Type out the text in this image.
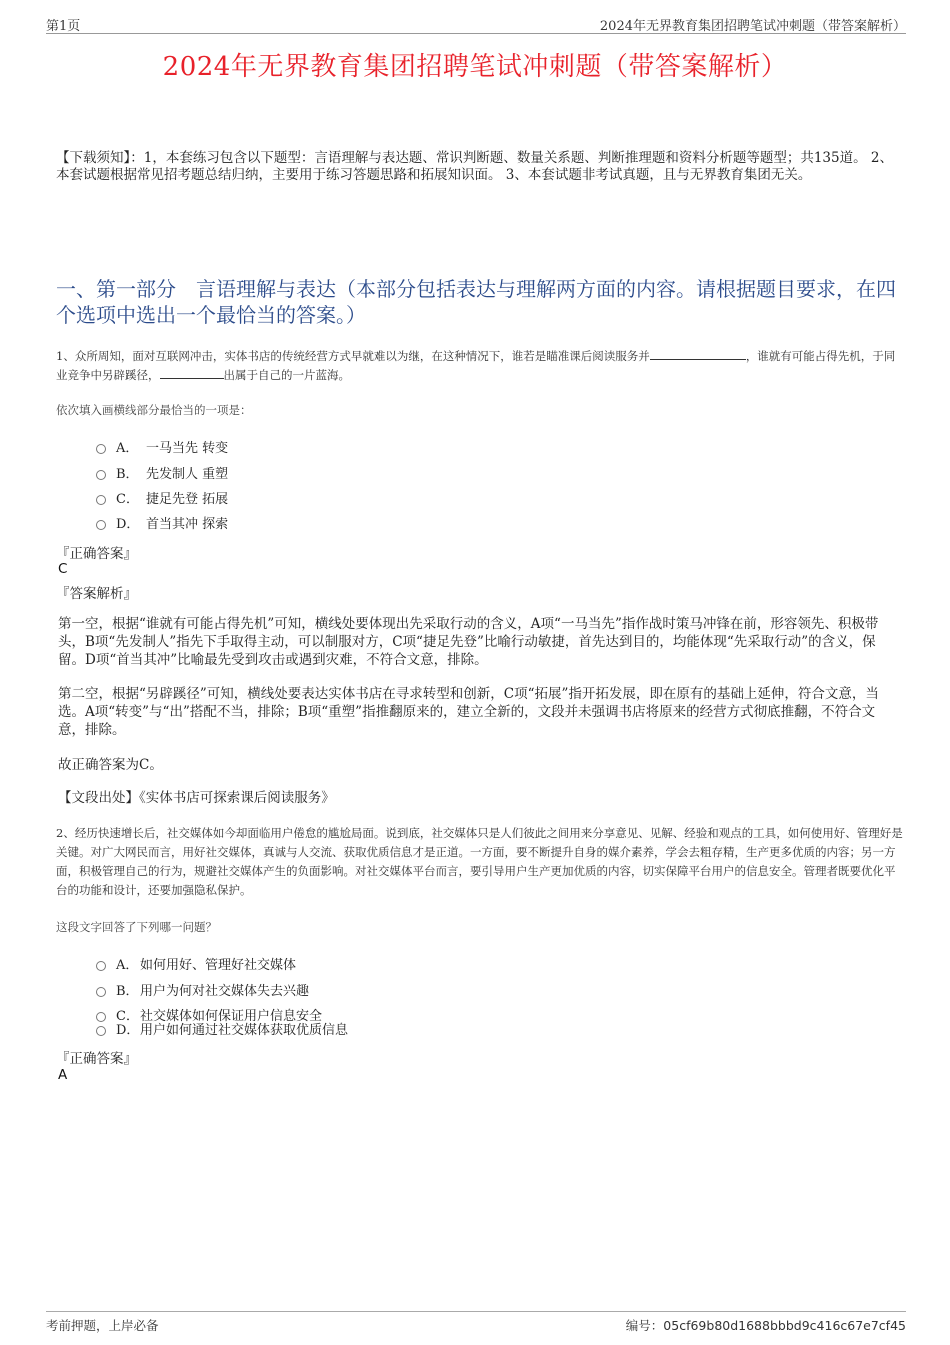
第1页	2024年无界教育集团招聘笔试冲刺题（带答案解析）
2024年无界教育集团招聘笔试冲刺题（带答案解析）
【下载须知】：1，本套练习包含以下题型：言语理解与表达题、常识判断题、数量关系题、判断推理题和资料分析题等题型；共135道。 2、本套试题根据常见招考题总结归纳，主要用于练习答题思路和拓展知识面。 3、本套试题非考试真题，且与无界教育集团无关。
一、第一部分　言语理解与表达（本部分包括表达与理解两方面的内容。请根据题目要求，在四个选项中选出一个最恰当的答案。）
1、众所周知，面对互联网冲击，实体书店的传统经营方式早就难以为继，在这种情况下，谁若是瞄准课后阅读服务并	，谁就有可能占得先机，于同业竞争中另辟蹊径，	出属于自己的一片蓝海。
依次填入画横线部分最恰当的一项是：
A． 一马当先 转变
B． 先发制人 重塑
C． 捷足先登 拓展
D． 首当其冲 探索
『正确答案』
C
『答案解析』
第一空，根据“谁就有可能占得先机”可知，横线处要体现出先采取行动的含义，A项“一马当先”指作战时策马冲锋在前，形容领先、积极带头，B项“先发制人”指先下手取得主动，可以制服对方，C项“捷足先登”比喻行动敏捷，首先达到目的，均能体现“先采取行动”的含义，保留。D项“首当其冲”比喻最先受到攻击或遇到灾难，不符合文意，排除。
第二空，根据“另辟蹊径”可知，横线处要表达实体书店在寻求转型和创新，C项“拓展”指开拓发展，即在原有的基础上延伸，符合文意，当选。A项“转变”与“出”搭配不当，排除；B项“重塑”指推翻原来的，建立全新的，文段并未强调书店将原来的经营方式彻底推翻，不符合文意，排除。
故正确答案为C。
【文段出处】《实体书店可探索课后阅读服务》
2、经历快速增长后，社交媒体如今却面临用户倦怠的尴尬局面。说到底，社交媒体只是人们彼此之间用来分享意见、见解、经验和观点的工具，如何使用好、管理好是关键。对广大网民而言，用好社交媒体，真诚与人交流、获取优质信息才是正道。一方面，要不断提升自身的媒介素养，学会去粗存精，生产更多优质的内容；另一方面，积极管理自己的行为，规避社交媒体产生的负面影响。对社交媒体平台而言，要引导用户生产更加优质的内容，切实保障平台用户的信息安全。管理者既要优化平台的功能和设计，还要加强隐私保护。
这段文字回答了下列哪一问题？
A． 如何用好、管理好社交媒体
B． 用户为何对社交媒体失去兴趣
C． 社交媒体如何保证用户信息安全
D． 用户如何通过社交媒体获取优质信息
『正确答案』
A
考前押题，上岸必备	编号：05cf69b80d1688bbbd9c416c67e7cf45
